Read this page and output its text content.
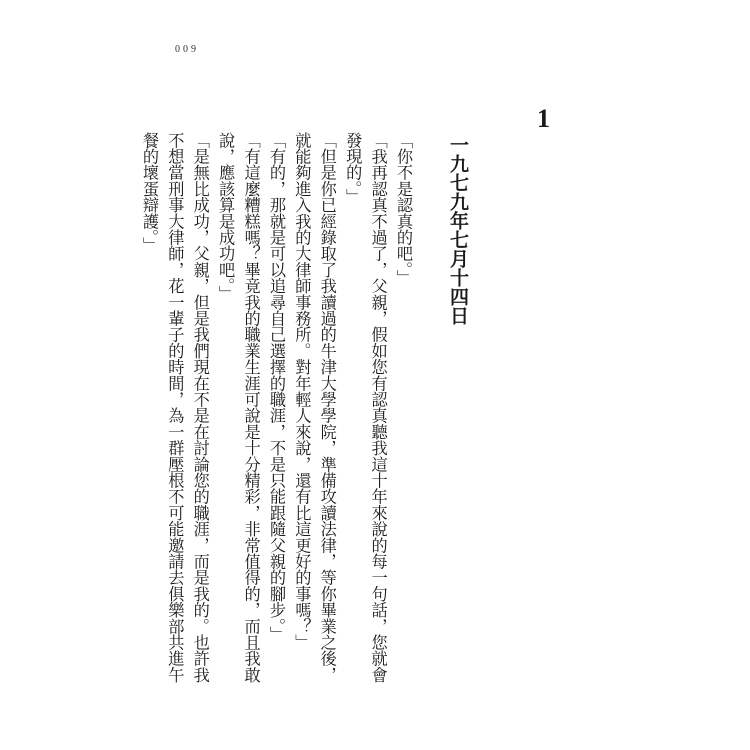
009
1
一九七九年七月十四日

「你不是認真的吧。」

「我再認真不過了，父親，假如您有認真聽我這十年來說的每一句話，您就會發現的。」

「但是你已經錄取了我讀過的牛津大學學院，準備攻讀法律，等你畢業之後，就能夠進入我的大律師事務所。對年輕人來說，還有比這更好的事嗎？」

「有的，那就是可以追尋自己選擇的職涯，不是只能跟隨父親的腳步。」

「有這麼糟糕嗎？畢竟我的職業生涯可說是十分精彩，非常值得的，而且我敢說，應該算是成功吧。」

「是無比成功，父親，但是我們現在不是在討論您的職涯，而是我的。也許我不想當刑事大律師，花一輩子的時間，為一群壓根不可能邀請去俱樂部共進午餐的壞蛋辯護。」
